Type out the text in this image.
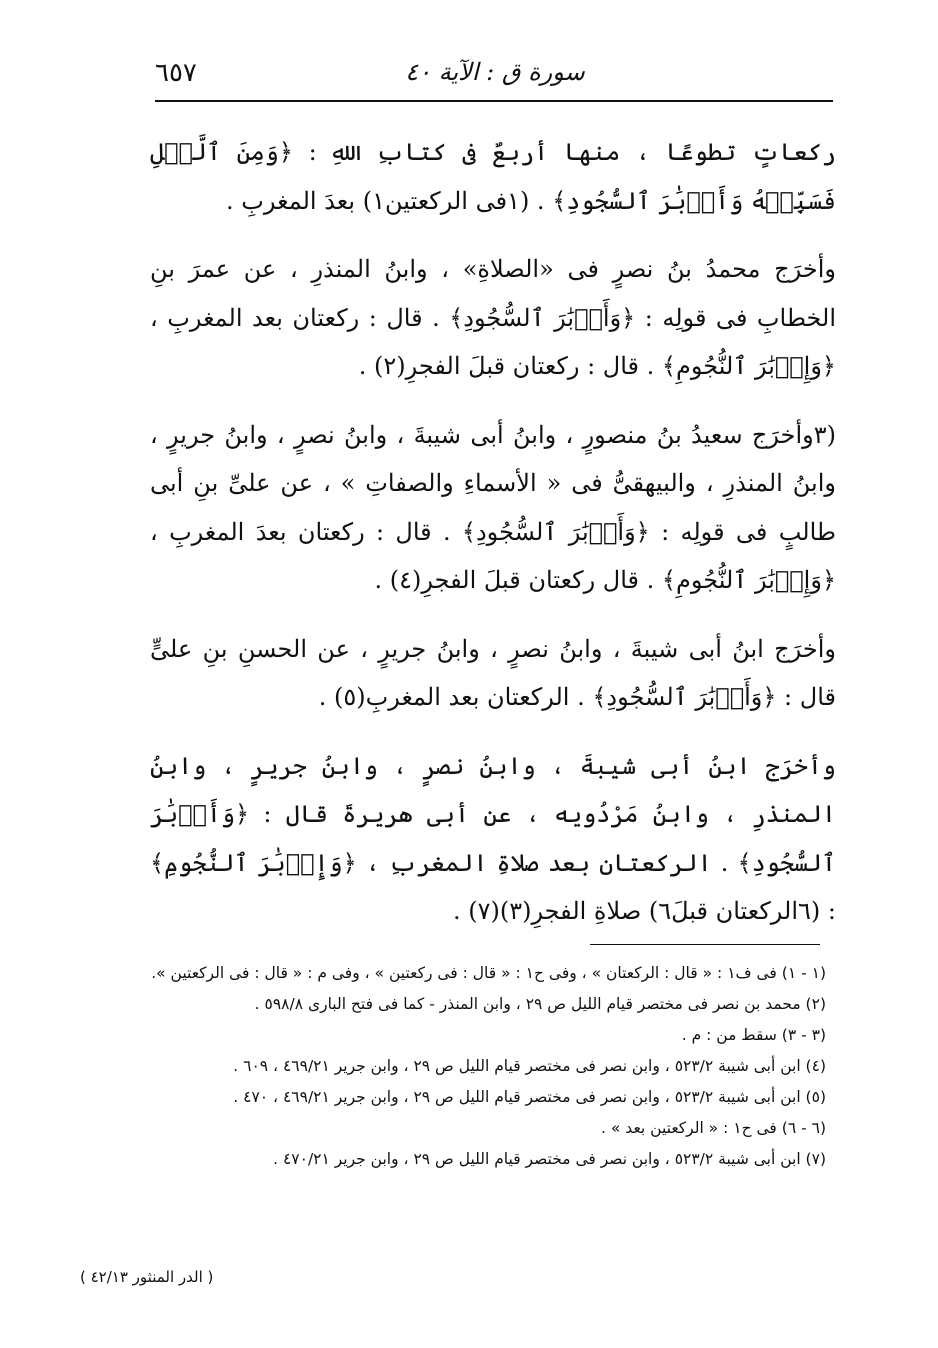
٦٥٧	سورة ق : الآية ٤٠

ركعاتٍ تطوعًا ، منها أربعٌ فى كتابِ اللهِ : ﴿وَمِنَ ٱلَّيۡلِ فَسَبِّحۡهُ وَأَدۡبَٰرَ ٱلسُّجُودِ﴾ . (١فى الركعتين١) بعدَ المغربِ .

وأخرَج محمدُ بنُ نصرٍ فى «الصلاةِ» ، وابنُ المنذرِ ، عن عمرَ بنِ الخطابِ فى قولِه : ﴿وَأَدۡبَٰرَ ٱلسُّجُودِ﴾ . قال : ركعتان بعد المغربِ ، ﴿وَإِدۡبَٰرَ ٱلنُّجُومِ﴾ . قال : ركعتان قبلَ الفجرِ(٢) .

(٣وأخرَج سعيدُ بنُ منصورٍ ، وابنُ أبى شيبةَ ، وابنُ نصرٍ ، وابنُ جريرٍ ، وابنُ المنذرِ ، والبيهقىُّ فى « الأسماءِ والصفاتِ » ، عن علىِّ بنِ أبى طالبٍ فى قولِه : ﴿وَأَدۡبَٰرَ ٱلسُّجُودِ﴾ . قال : ركعتان بعدَ المغربِ ، ﴿وَإِدۡبَٰرَ ٱلنُّجُومِ﴾ . قال ركعتان قبلَ الفجرِ(٤) .

وأخرَج ابنُ أبى شيبةَ ، وابنُ نصرٍ ، وابنُ جريرٍ ، عن الحسنِ بنِ علىٍّ قال : ﴿وَأَدۡبَٰرَ ٱلسُّجُودِ﴾ . الركعتان بعد المغربِ(٥) .

وأخرَج ابنُ أبى شيبةَ ، وابنُ نصرٍ ، وابنُ جريرٍ ، وابنُ المنذرِ ، وابنُ مَرْدُويه ، عن أبى هريرةَ قال : ﴿وَأَدۡبَٰرَ ٱلسُّجُودِ﴾ . الركعتان بعد صلاةِ المغربِ ، ﴿وَإِدۡبَٰرَ ٱلنُّجُومِ﴾ : (٦الركعتان قبلَ٦) صلاةِ الفجرِ(٣)(٧) .

(١ - ١) فى ف١ : « قال : الركعتان » ، وفى ح١ : « قال : فى ركعتين » ، وفى م : « قال : فى الركعتين ».
(٢) محمد بن نصر فى مختصر قيام الليل ص ٢٩ ، وابن المنذر - كما فى فتح البارى ٥٩٨/٨ .
(٣ - ٣) سقط من : م .
(٤) ابن أبى شيبة ٥٢٣/٢ ، وابن نصر فى مختصر قيام الليل ص ٢٩ ، وابن جرير ٤٦٩/٢١ ، ٦٠٩ .
(٥) ابن أبى شيبة ٥٢٣/٢ ، وابن نصر فى مختصر قيام الليل ص ٢٩ ، وابن جرير ٤٦٩/٢١ ، ٤٧٠ .
(٦ - ٦) فى ح١ : « الركعتين بعد » .
(٧) ابن أبى شيبة ٥٢٣/٢ ، وابن نصر فى مختصر قيام الليل ص ٢٩ ، وابن جرير ٤٧٠/٢١ .
( الدر المنثور ٤٢/١٣ )
